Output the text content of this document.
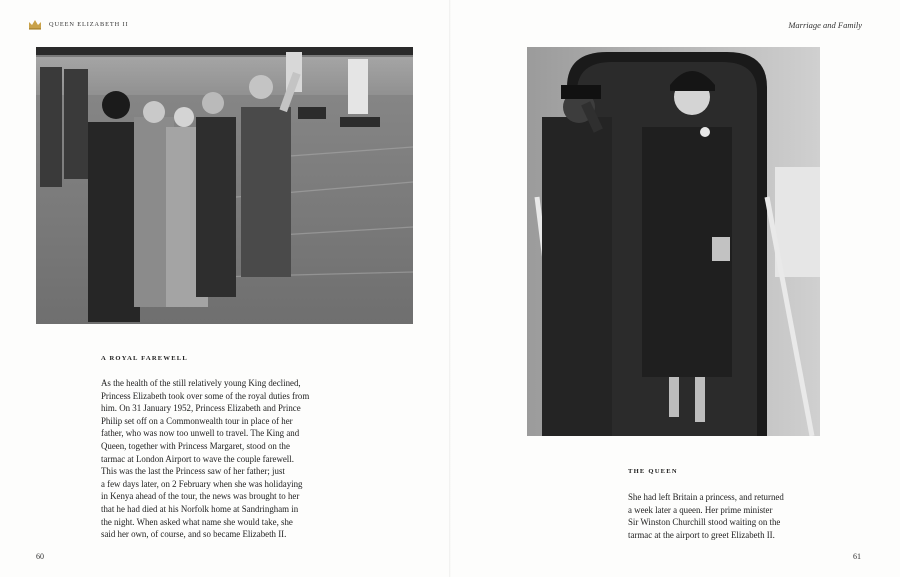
QUEEN ELIZABETH II	Marriage and Family
A ROYAL FAREWELL
As the health of the still relatively young King declined,
Princess Elizabeth took over some of the royal duties from
him. On 31 January 1952, Princess Elizabeth and Prince
Philip set off on a Commonwealth tour in place of her
father, who was now too unwell to travel. The King and
Queen, together with Princess Margaret, stood on the
tarmac at London Airport to wave the couple farewell.
This was the last the Princess saw of her father; just
a few days later, on 2 February when she was holidaying
in Kenya ahead of the tour, the news was brought to her
that he had died at his Norfolk home at Sandringham in
the night. When asked what name she would take, she
said her own, of course, and so became Elizabeth II.
60
THE QUEEN
She had left Britain a princess, and returned
a week later a queen. Her prime minister
Sir Winston Churchill stood waiting on the
tarmac at the airport to greet Elizabeth II.
61
